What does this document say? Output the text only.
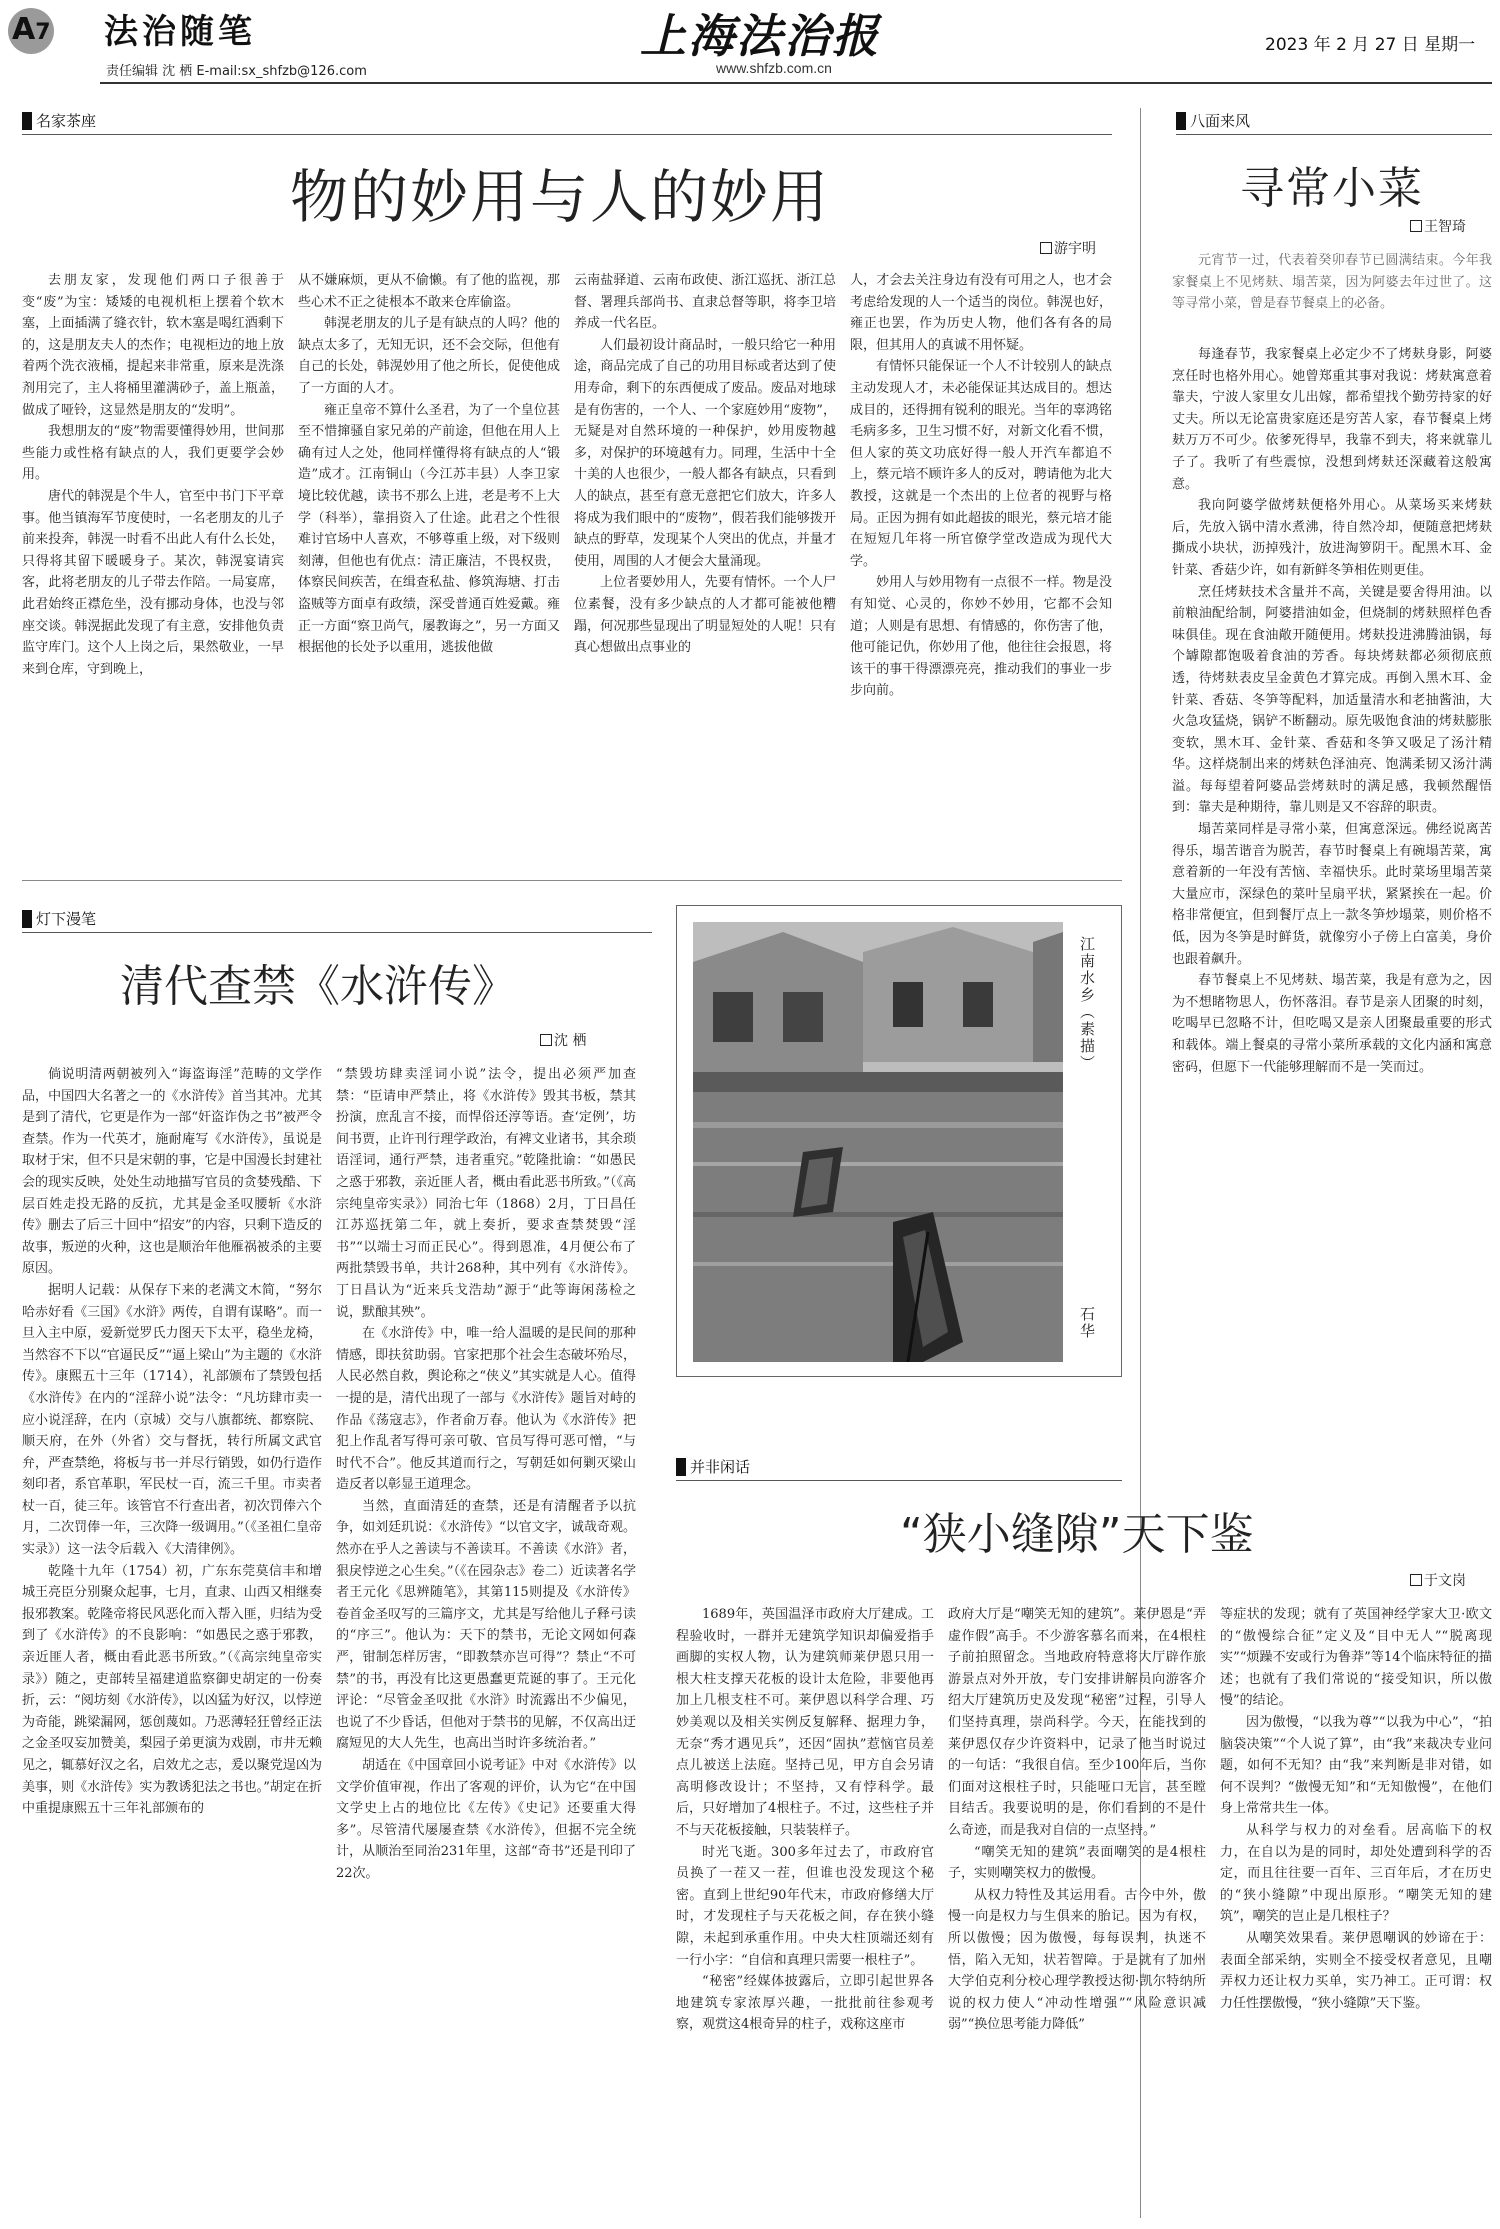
A7 法治随笔
责任编辑 沈 栖 E-mail:sx_shfzb@126.com
上海法治报
www.shfzb.com.cn
2023 年 2 月 27 日 星期一
名家茶座
物的妙用与人的妙用
游宇明
去朋友家，发现他们两口子很善于变“废”为宝：矮矮的电视机柜上摆着个软木塞，上面插满了缝衣针，软木塞是喝红酒剩下的，这是朋友夫人的杰作；电视柜边的地上放着两个洗衣液桶，提起来非常重，原来是洗涤剂用完了，主人将桶里灌满砂子，盖上瓶盖，做成了哑铃，这显然是朋友的“发明”。
我想朋友的“废”物需要懂得妙用，世间那些能力或性格有缺点的人，我们更要学会妙用。
唐代的韩滉是个牛人，官至中书门下平章事。他当镇海军节度使时，一名老朋友的儿子前来投奔，韩滉一时看不出此人有什么长处，只得将其留下暖暖身子。某次，韩滉宴请宾客，此将老朋友的儿子带去作陪。一局宴席，此君始终正襟危坐，没有挪动身体，也没与邻座交谈。韩滉据此发现了有主意，安排他负责监守库门。这个人上岗之后，果然敬业，一早来到仓库，守到晚上，
从不嫌麻烦，更从不偷懒。有了他的监视，那些心术不正之徒根本不敢来仓库偷盗。
韩滉老朋友的儿子是有缺点的人吗？他的缺点太多了，无知无识，还不会交际，但他有自己的长处，韩滉妙用了他之所长，促使他成了一方面的人才。
雍正皇帝不算什么圣君，为了一个皇位甚至不惜撺骚自家兄弟的产前途，但他在用人上确有过人之处，他同样懂得将有缺点的人“锻造”成才。江南铜山（今江苏丰县）人李卫家境比较优越，读书不那么上进，老是考不上大学（科举），靠捐资入了仕途。此君之个性很难讨官场中人喜欢，不够尊重上级，对下级则刻薄，但他也有优点：清正廉洁，不畏权贵，体察民间疾苦，在缉查私盐、修筑海塘、打击盗贼等方面卓有政绩，深受普通百姓爱戴。雍正一方面“察卫尚气，屡教诲之”，另一方面又根据他的长处予以重用，逃拔他做
云南盐驿道、云南布政使、浙江巡抚、浙江总督、署理兵部尚书、直隶总督等职，将李卫培养成一代名臣。
人们最初设计商品时，一般只给它一种用途，商品完成了自己的功用目标或者达到了使用寿命，剩下的东西便成了废品。废品对地球是有伤害的，一个人、一个家庭妙用“废物”，无疑是对自然环境的一种保护，妙用废物越多，对保护的环境越有力。同理，生活中十全十美的人也很少，一般人都各有缺点，只看到人的缺点，甚至有意无意把它们放大，许多人将成为我们眼中的“废物”，假若我们能够拨开缺点的野草，发现某个人突出的优点，并量才使用，周围的人才便会大量涌现。
上位者要妙用人，先要有情怀。一个人尸位素餐，没有多少缺点的人才都可能被他糟蹋，何况那些显现出了明显短处的人呢！只有真心想做出点事业的
人，才会去关注身边有没有可用之人，也才会考虑给发现的人一个适当的岗位。韩滉也好，雍正也罢，作为历史人物，他们各有各的局限，但其用人的真诚不用怀疑。
有情怀只能保证一个人不计较别人的缺点主动发现人才，未必能保证其达成目的。想达成目的，还得拥有锐利的眼光。当年的辜鸿铭毛病多多，卫生习惯不好，对新文化看不惯，但人家的英文功底好得一般人开汽车都追不上，蔡元培不顾许多人的反对，聘请他为北大教授，这就是一个杰出的上位者的视野与格局。正因为拥有如此超拔的眼光，蔡元培才能在短短几年将一所官僚学堂改造成为现代大学。
妙用人与妙用物有一点很不一样。物是没有知觉、心灵的，你妙不妙用，它都不会知道；人则是有思想、有情感的，你伤害了他，他可能记仇，你妙用了他，他往往会报恩，将该干的事干得漂漂亮亮，推动我们的事业一步步向前。
八面来风
寻常小菜
王智琦
元宵节一过，代表着癸卯春节已圆满结束。今年我家餐桌上不见烤麸、塌苦菜，因为阿婆去年过世了。这等寻常小菜，曾是春节餐桌上的必备。
每逢春节，我家餐桌上必定少不了烤麸身影，阿婆烹任时也格外用心。她曾郑重其事对我说：烤麸寓意着靠夫，宁波人家里女儿出嫁，都希望找个勤劳持家的好丈夫。所以无论富贵家庭还是穷苦人家，春节餐桌上烤麸万万不可少。依爹死得早，我靠不到夫，将来就靠儿子了。我听了有些震惊，没想到烤麸还深藏着这般寓意。
我向阿婆学做烤麸便格外用心。从菜场买来烤麸后，先放入锅中清水煮沸，待自然冷却，便随意把烤麸撕成小块状，沥掉残汁，放进淘箩阴干。配黑木耳、金针菜、香菇少许，如有新鲜冬笋相佐则更佳。
烹任烤麸技术含量并不高，关键是要舍得用油。以前粮油配给制，阿婆措油如金，但烧制的烤麸照样色香味俱佳。现在食油敞开随便用。烤麸投进沸腾油锅，每个罅隙都饱吸着食油的芳香。每块烤麸都必须彻底煎透，待烤麸表皮呈金黄色才算完成。再倒入黑木耳、金针菜、香菇、冬笋等配料，加适量清水和老抽酱油，大火急攻猛烧，锅铲不断翻动。原先吸饱食油的烤麸膨胀变软，黑木耳、金针菜、香菇和冬笋又吸足了汤汁精华。这样烧制出来的烤麸色泽油亮、饱满柔韧又汤汁满溢。每每望着阿婆品尝烤麸时的满足感，我顿然醒悟到：靠夫是种期待，靠儿则是又不容辞的职责。
塌苦菜同样是寻常小菜，但寓意深远。佛经说离苦得乐，塌苦谐音为脱苦，春节时餐桌上有碗塌苦菜，寓意着新的一年没有苦恼、幸福快乐。此时菜场里塌苦菜大量应市，深绿色的菜叶呈扇平状，紧紧挨在一起。价格非常便宜，但到餐厅点上一款冬笋炒塌菜，则价格不低，因为冬笋是时鲜货，就像穷小子傍上白富美，身价也跟着飙升。
春节餐桌上不见烤麸、塌苦菜，我是有意为之，因为不想睹物思人，伤怀落泪。春节是亲人团聚的时刻，吃喝早已忽略不计，但吃喝又是亲人团聚最重要的形式和载体。端上餐桌的寻常小菜所承载的文化内涵和寓意密码，但愿下一代能够理解而不是一笑而过。
灯下漫笔
清代查禁《水浒传》
沈 栖
倘说明清两朝被列入“诲盗诲淫”范畴的文学作品，中国四大名著之一的《水浒传》首当其冲。尤其是到了清代，它更是作为一部“奸盗诈伪之书”被严令查禁。作为一代英才，施耐庵写《水浒传》，虽说是取材于宋，但不只是宋朝的事，它是中国漫长封建社会的现实反映，处处生动地描写官员的贪婪残酷、下层百姓走投无路的反抗，尤其是金圣叹腰斩《水浒传》删去了后三十回中“招安”的内容，只剩下造反的故事，叛逆的火种，这也是顺治年他雁祸被杀的主要原因。
据明人记载：从保存下来的老满文木简，“努尔哈赤好看《三国》《水浒》两传，自谓有谋略”。而一旦入主中原，爱新觉罗氏力图天下太平，稳坐龙椅，当然容不下以“官逼民反”“逼上梁山”为主题的《水浒传》。康熙五十三年（1714），礼部颁布了禁毁包括《水浒传》在内的“淫辞小说”法令：“凡坊肆市卖一应小说淫辞，在内（京城）交与八旗都统、都察院、顺天府，在外（外省）交与督抚，转行所属文武官弁，严查禁绝，将板与书一并尽行销毁，如仍行造作刻印者，系官革职，军民杖一百，流三千里。市卖者杖一百，徒三年。该管官不行查出者，初次罚俸六个月，二次罚俸一年，三次降一级调用。”（《圣祖仁皇帝实录》）这一法令后载入《大清律例》。
乾隆十九年（1754）初，广东东莞莫信丰和增城王亮臣分别聚众起事，七月，直隶、山西又相继奏报邪教案。乾隆帝将民风恶化而入帮入匪，归结为受到了《水浒传》的不良影响：“如愚民之惑于邪教，亲近匪人者，概由看此恶书所致。”（《高宗纯皇帝实录》）随之，吏部转呈福建道监察御史胡定的一份奏折，云：“阅坊刻《水浒传》，以凶猛为好汉，以悖逆为奇能，跳梁漏网，惩创蔑如。乃恶薄轻狂曾经正法之金圣叹妄加赞美，梨园子弟更演为戏剧，市井无赖见之，辄慕好汉之名，启效尤之志，爰以聚党逞凶为美事，则《水浒传》实为教诱犯法之书也。”胡定在折中重提康熙五十三年礼部颁布的
“禁毁坊肆卖淫词小说”法令，提出必须严加查禁：“臣请申严禁止，将《水浒传》毁其书板，禁其扮演，庶乱言不接，而悍俗还淳等语。查‘定例’，坊间书贾，止许刊行理学政治，有裨文业诸书，其余琐语淫词，通行严禁，违者重究。”乾隆批谕：“如愚民之惑于邪教，亲近匪人者，概由看此恶书所致。”（《高宗纯皇帝实录》）同治七年（1868）2月，丁日昌任江苏巡抚第二年，就上奏折，要求查禁焚毁“淫书”“以端士习而正民心”。得到恩准，4月便公布了两批禁毁书单，共计268种，其中列有《水浒传》。丁日昌认为“近来兵戈浩劫”源于“此等诲闲荡检之说，默酿其殃”。
在《水浒传》中，唯一给人温暖的是民间的那种情感，即扶贫助弱。官家把那个社会生态破坏殆尽，人民必然自救，舆论称之“侠义”其实就是人心。值得一提的是，清代出现了一部与《水浒传》题旨对峙的作品《荡寇志》，作者俞万春。他认为《水浒传》把犯上作乱者写得可亲可敬、官员写得可恶可憎，“与时代不合”。他反其道而行之，写朝廷如何剿灭梁山造反者以彰显王道理念。
当然，直面清廷的查禁，还是有清醒者予以抗争，如刘廷玑说：《水浒传》“以官文字，诚哉奇观。然亦在乎人之善读与不善读耳。不善读《水浒》者，狠戾悖逆之心生矣。”（《在园杂志》卷二）近读著名学者王元化《思辨随笔》，其第115则提及《水浒传》卷首金圣叹写的三篇序文，尤其是写给他儿子释弓读的“序三”。他认为：天下的禁书，无论文网如何森严，钳制怎样厉害，“即教禁亦岂可得”？禁止“不可禁”的书，再没有比这更愚蠢更荒诞的事了。王元化评论：“尽管金圣叹批《水浒》时流露出不少偏见，也说了不少昏话，但他对于禁书的见解，不仅高出迂腐短见的大人先生，也高出当时许多统治者。”
胡适在《中国章回小说考证》中对《水浒传》以文学价值审视，作出了客观的评价，认为它“在中国文学史上占的地位比《左传》《史记》还要重大得多”。尽管清代屡屡查禁《水浒传》，但据不完全统计，从顺治至同治231年里，这部“奇书”还是刊印了22次。
江南水乡（素描）
石华
并非闲话
“狭小缝隙”天下鉴
于文岗
1689年，英国温泽市政府大厅建成。工程验收时，一群并无建筑学知识却偏爱指手画脚的实权人物，认为建筑师莱伊恩只用一根大柱支撑天花板的设计太危险，非要他再加上几根支柱不可。莱伊恩以科学合理、巧妙美观以及相关实例反复解释、据理力争，无奈“秀才遇见兵”，还因“固执”惹恼官员差点儿被送上法庭。坚持己见，甲方自会另请高明修改设计；不坚持，又有悖科学。最后，只好增加了4根柱子。不过，这些柱子并不与天花板接触，只装装样子。
时光飞逝。300多年过去了，市政府官员换了一茬又一茬，但谁也没发现这个秘密。直到上世纪90年代末，市政府修缮大厅时，才发现柱子与天花板之间，存在狭小缝隙，未起到承重作用。中央大柱顶端还刻有一行小字：“自信和真理只需要一根柱子”。
“秘密”经媒体披露后，立即引起世界各地建筑专家浓厚兴趣，一批批前往参观考察，观赏这4根奇异的柱子，戏称这座市
政府大厅是“嘲笑无知的建筑”。莱伊恩是“弄虚作假”高手。不少游客慕名而来，在4根柱子前拍照留念。当地政府特意将大厅辟作旅游景点对外开放，专门安排讲解员向游客介绍大厅建筑历史及发现“秘密”过程，引导人们坚持真理，崇尚科学。今天，在能找到的莱伊恩仅存少许资料中，记录了他当时说过的一句话：“我很自信。至少100年后，当你们面对这根柱子时，只能哑口无言，甚至瞠目结舌。我要说明的是，你们看到的不是什么奇迹，而是我对自信的一点坚持。”
“嘲笑无知的建筑”表面嘲笑的是4根柱子，实则嘲笑权力的傲慢。
从权力特性及其运用看。古今中外，傲慢一向是权力与生俱来的胎记。因为有权，所以傲慢；因为傲慢，每每误判，执迷不悟，陷入无知，状若智障。于是就有了加州大学伯克利分校心理学教授达彻·凯尔特纳所说的权力使人“冲动性增强”“风险意识减弱”“换位思考能力降低”
等症状的发现；就有了英国神经学家大卫·欧文的“傲慢综合征”定义及“目中无人”“脱离现实”“烦躁不安或行为鲁莽”等14个临床特征的描述；也就有了我们常说的“接受知识，所以傲慢”的结论。
因为傲慢，“以我为尊”“以我为中心”，“拍脑袋决策”“个人说了算”，由“我”来裁决专业问题，如何不无知？由“我”来判断是非对错，如何不误判？“傲慢无知”和“无知傲慢”，在他们身上常常共生一体。
从科学与权力的对垒看。居高临下的权力，在自以为是的同时，却处处遭到科学的否定，而且往往要一百年、三百年后，才在历史的“狭小缝隙”中现出原形。“嘲笑无知的建筑”，嘲笑的岂止是几根柱子？
从嘲笑效果看。莱伊恩嘲讽的妙谛在于：表面全部采纳，实则全不接受权者意见，且嘲弄权力还让权力买单，实乃神工。正可谓：权力任性摆傲慢，“狭小缝隙”天下鉴。
